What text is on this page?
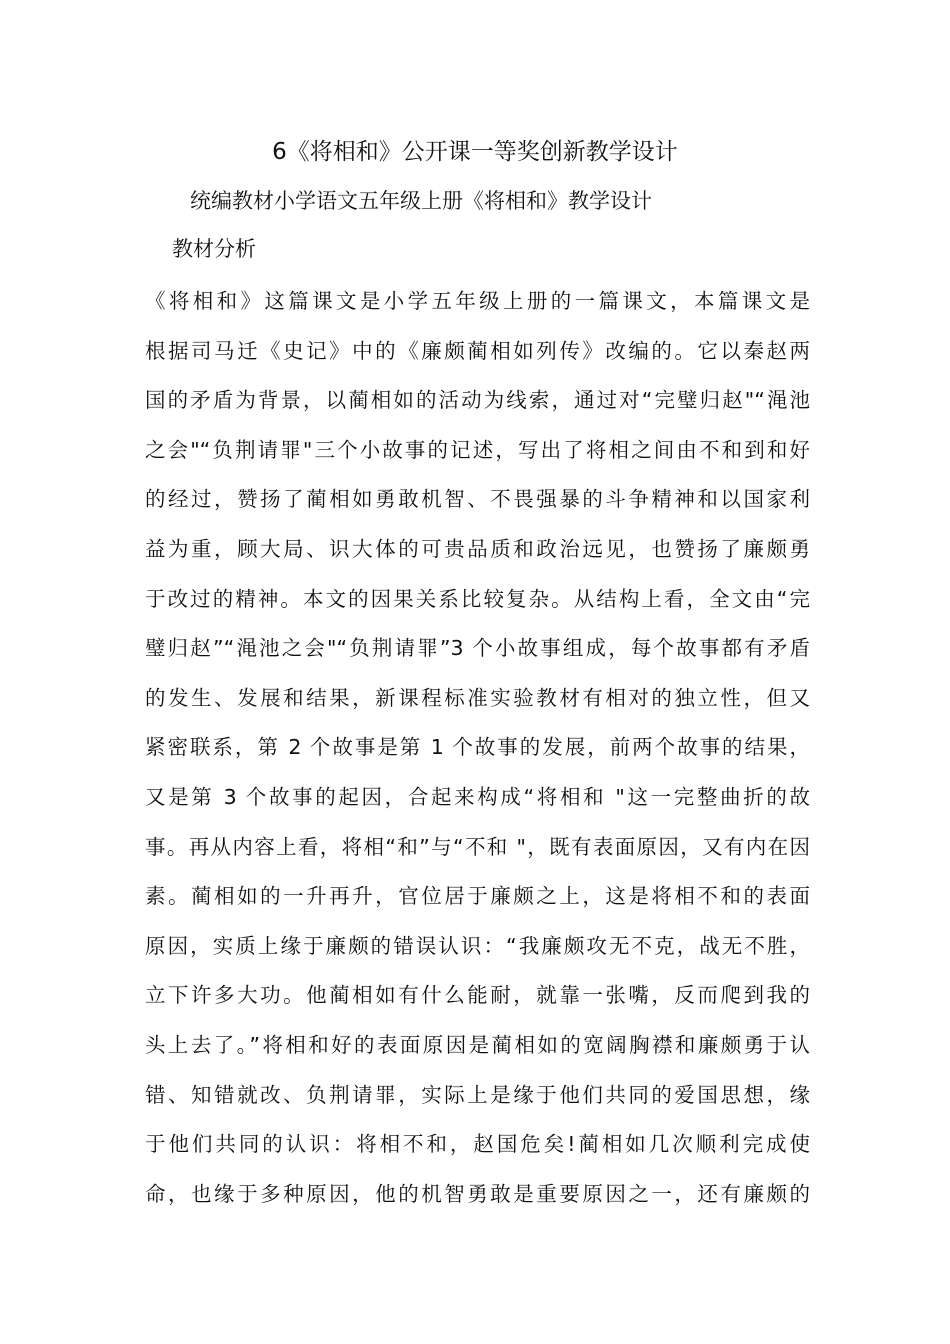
6《将相和》公开课一等奖创新教学设计

统编教材小学语文五年级上册《将相和》教学设计

教材分析
《将相和》这篇课文是小学五年级上册的一篇课文，本篇课文是
根据司马迁《史记》中的《廉颇蔺相如列传》改编的。它以秦赵两
国的矛盾为背景，以蔺相如的活动为线索，通过对“完璧归赵"“渑池
之会"“负荆请罪"三个小故事的记述，写出了将相之间由不和到和好
的经过，赞扬了蔺相如勇敢机智、不畏强暴的斗争精神和以国家利
益为重，顾大局、识大体的可贵品质和政治远见，也赞扬了廉颇勇
于改过的精神。本文的因果关系比较复杂。从结构上看，全文由“完
璧归赵”“渑池之会"“负荆请罪”3 个小故事组成，每个故事都有矛盾
的发生、发展和结果，新课程标准实验教材有相对的独立性，但又
紧密联系，第 2 个故事是第 1 个故事的发展，前两个故事的结果，
又是第 3 个故事的起因，合起来构成“将相和 "这一完整曲折的故
事。再从内容上看，将相“和”与“不和 "，既有表面原因，又有内在因
素。蔺相如的一升再升，官位居于廉颇之上，这是将相不和的表面
原因，实质上缘于廉颇的错误认识：“我廉颇攻无不克，战无不胜，
立下许多大功。他蔺相如有什么能耐，就靠一张嘴，反而爬到我的
头上去了。”将相和好的表面原因是蔺相如的宽阔胸襟和廉颇勇于认
错、知错就改、负荆请罪，实际上是缘于他们共同的爱国思想，缘
于他们共同的认识：将相不和，赵国危矣!蔺相如几次顺利完成使
命，也缘于多种原因，他的机智勇敢是重要原因之一，还有廉颇的
